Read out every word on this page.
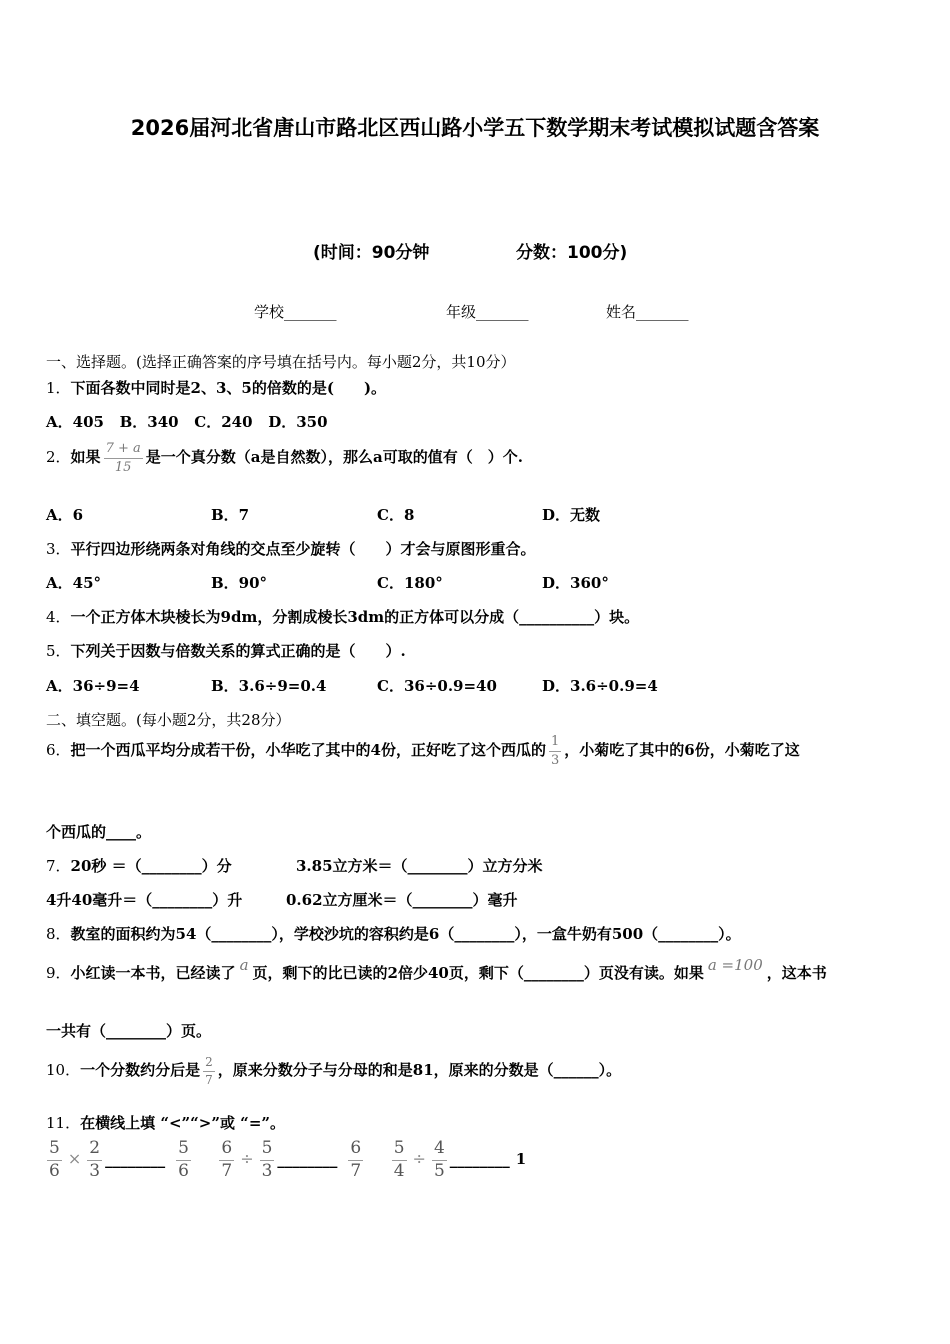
2026届河北省唐山市路北区西山路小学五下数学期末考试模拟试题含答案
(时间：90分钟	分数：100分)
学校_______	年级_______	姓名_______
一、选择题。(选择正确答案的序号填在括号内。每小题2分，共10分）
1．下面各数中同时是2、3、5的倍数的是(　　)。
A．405 B．340 C．240 D．350
2．如果 $\frac{7 + a}{15}$ 是一个真分数（a是自然数），那么a可取的值有（　）个.
A．6	B．7	C．8	D．无数
3．平行四边形绕两条对角线的交点至少旋转（　　）才会与原图形重合。
A．45°	B．90°	C．180°	D．360°
4．一个正方体木块棱长为9dm，分割成棱长3dm的正方体可以分成（__________）块。
5．下列关于因数与倍数关系的算式正确的是（　　）.
A．36÷9=4	B．3.6÷9=0.4	C．36÷0.9=40	D．3.6÷0.9=4
二、填空题。(每小题2分，共28分）
6．把一个西瓜平均分成若干份，小华吃了其中的4份，正好吃了这个西瓜的 $\frac{1}{3}$ ，小菊吃了其中的6份，小菊吃了这
个西瓜的____。
7．20秒 ＝（________）分	3.85立方米＝（________）立方分米
4升40毫升＝（________）升	0.62立方厘米＝（________）毫升
8．教室的面积约为54（________），学校沙坑的容积约是6（________），一盒牛奶有500（________）。
9．小红读一本书，已经读了 a 页，剩下的比已读的2倍少40页，剩下（________）页没有读。如果 a =100 ，这本书
一共有（________）页。
10．一个分数约分后是 $\frac{2}{7}$ ，原来分数分子与分母的和是81，原来的分数是（______）。
11．在横线上填 “<”“>”或 “=”。
$\frac{5}{6} \times \frac{2}{3}$ ________ $\frac{5}{6}$
$\frac{6}{7} \div \frac{5}{3}$ ________ $\frac{6}{7}$
$\frac{5}{4} \div \frac{4}{5}$ ________ 1
